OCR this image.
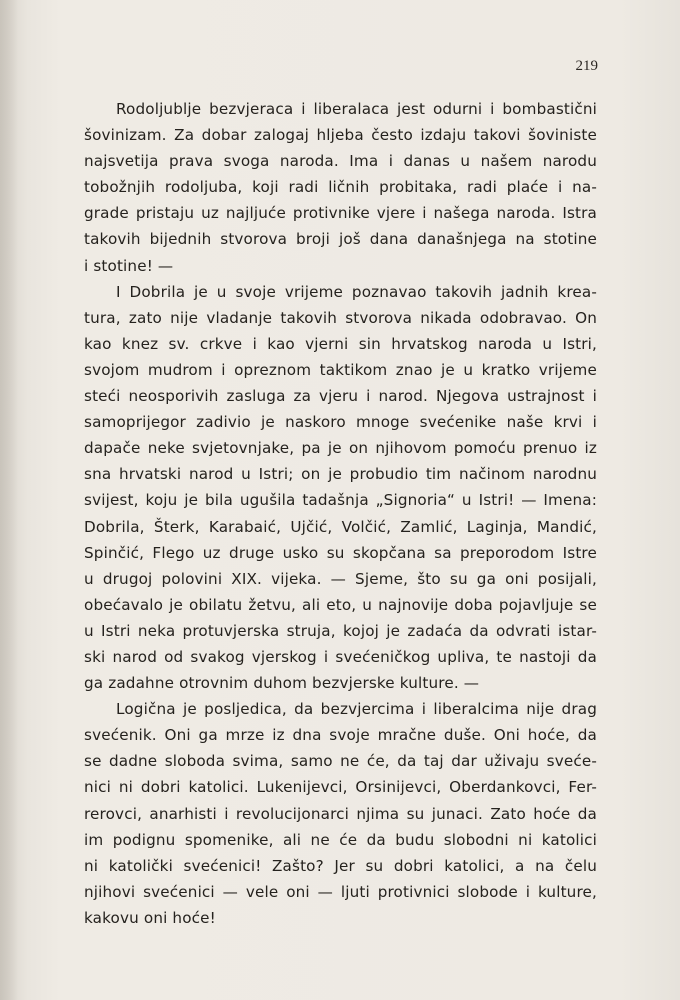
219
Rodoljublje bezvjeraca i liberalaca jest odurni i bombastični
šovinizam. Za dobar zalogaj hljeba često izdaju takovi šoviniste
najsvetija prava svoga naroda. Ima i danas u našem narodu
tobožnjih rodoljuba, koji radi ličnih probitaka, radi plaće i na-
grade pristaju uz najljuće protivnike vjere i našega naroda. Istra
takovih bijednih stvorova broji još dana današnjega na stotine
i stotine! —
I Dobrila je u svoje vrijeme poznavao takovih jadnih krea-
tura, zato nije vladanje takovih stvorova nikada odobravao. On
kao knez sv. crkve i kao vjerni sin hrvatskog naroda u Istri,
svojom mudrom i opreznom taktikom znao je u kratko vrijeme
steći neosporivih zasluga za vjeru i narod. Njegova ustrajnost i
samoprijegor zadivio je naskoro mnoge svećenike naše krvi i
dapače neke svjetovnjake, pa je on njihovom pomoću prenuo iz
sna hrvatski narod u Istri; on je probudio tim načinom narodnu
svijest, koju je bila ugušila tadašnja „Signoria“ u Istri! — Imena:
Dobrila, Šterk, Karabaić, Ujčić, Volčić, Zamlić, Laginja, Mandić,
Spinčić, Flego uz druge usko su skopčana sa preporodom Istre
u drugoj polovini XIX. vijeka. — Sjeme, što su ga oni posijali,
obećavalo je obilatu žetvu, ali eto, u najnovije doba pojavljuje se
u Istri neka protuvjerska struja, kojoj je zadaća da odvrati istar-
ski narod od svakog vjerskog i svećeničkog upliva, te nastoji da
ga zadahne otrovnim duhom bezvjerske kulture. —
Logična je posljedica, da bezvjercima i liberalcima nije drag
svećenik. Oni ga mrze iz dna svoje mračne duše. Oni hoće, da
se dadne sloboda svima, samo ne će, da taj dar uživaju sveće-
nici ni dobri katolici. Lukenijevci, Orsinijevci, Oberdankovci, Fer-
rerovci, anarhisti i revolucijonarci njima su junaci. Zato hoće da
im podignu spomenike, ali ne će da budu slobodni ni katolici
ni katolički svećenici! Zašto? Jer su dobri katolici, a na čelu
njihovi svećenici — vele oni — ljuti protivnici slobode i kulture,
kakovu oni hoće!
